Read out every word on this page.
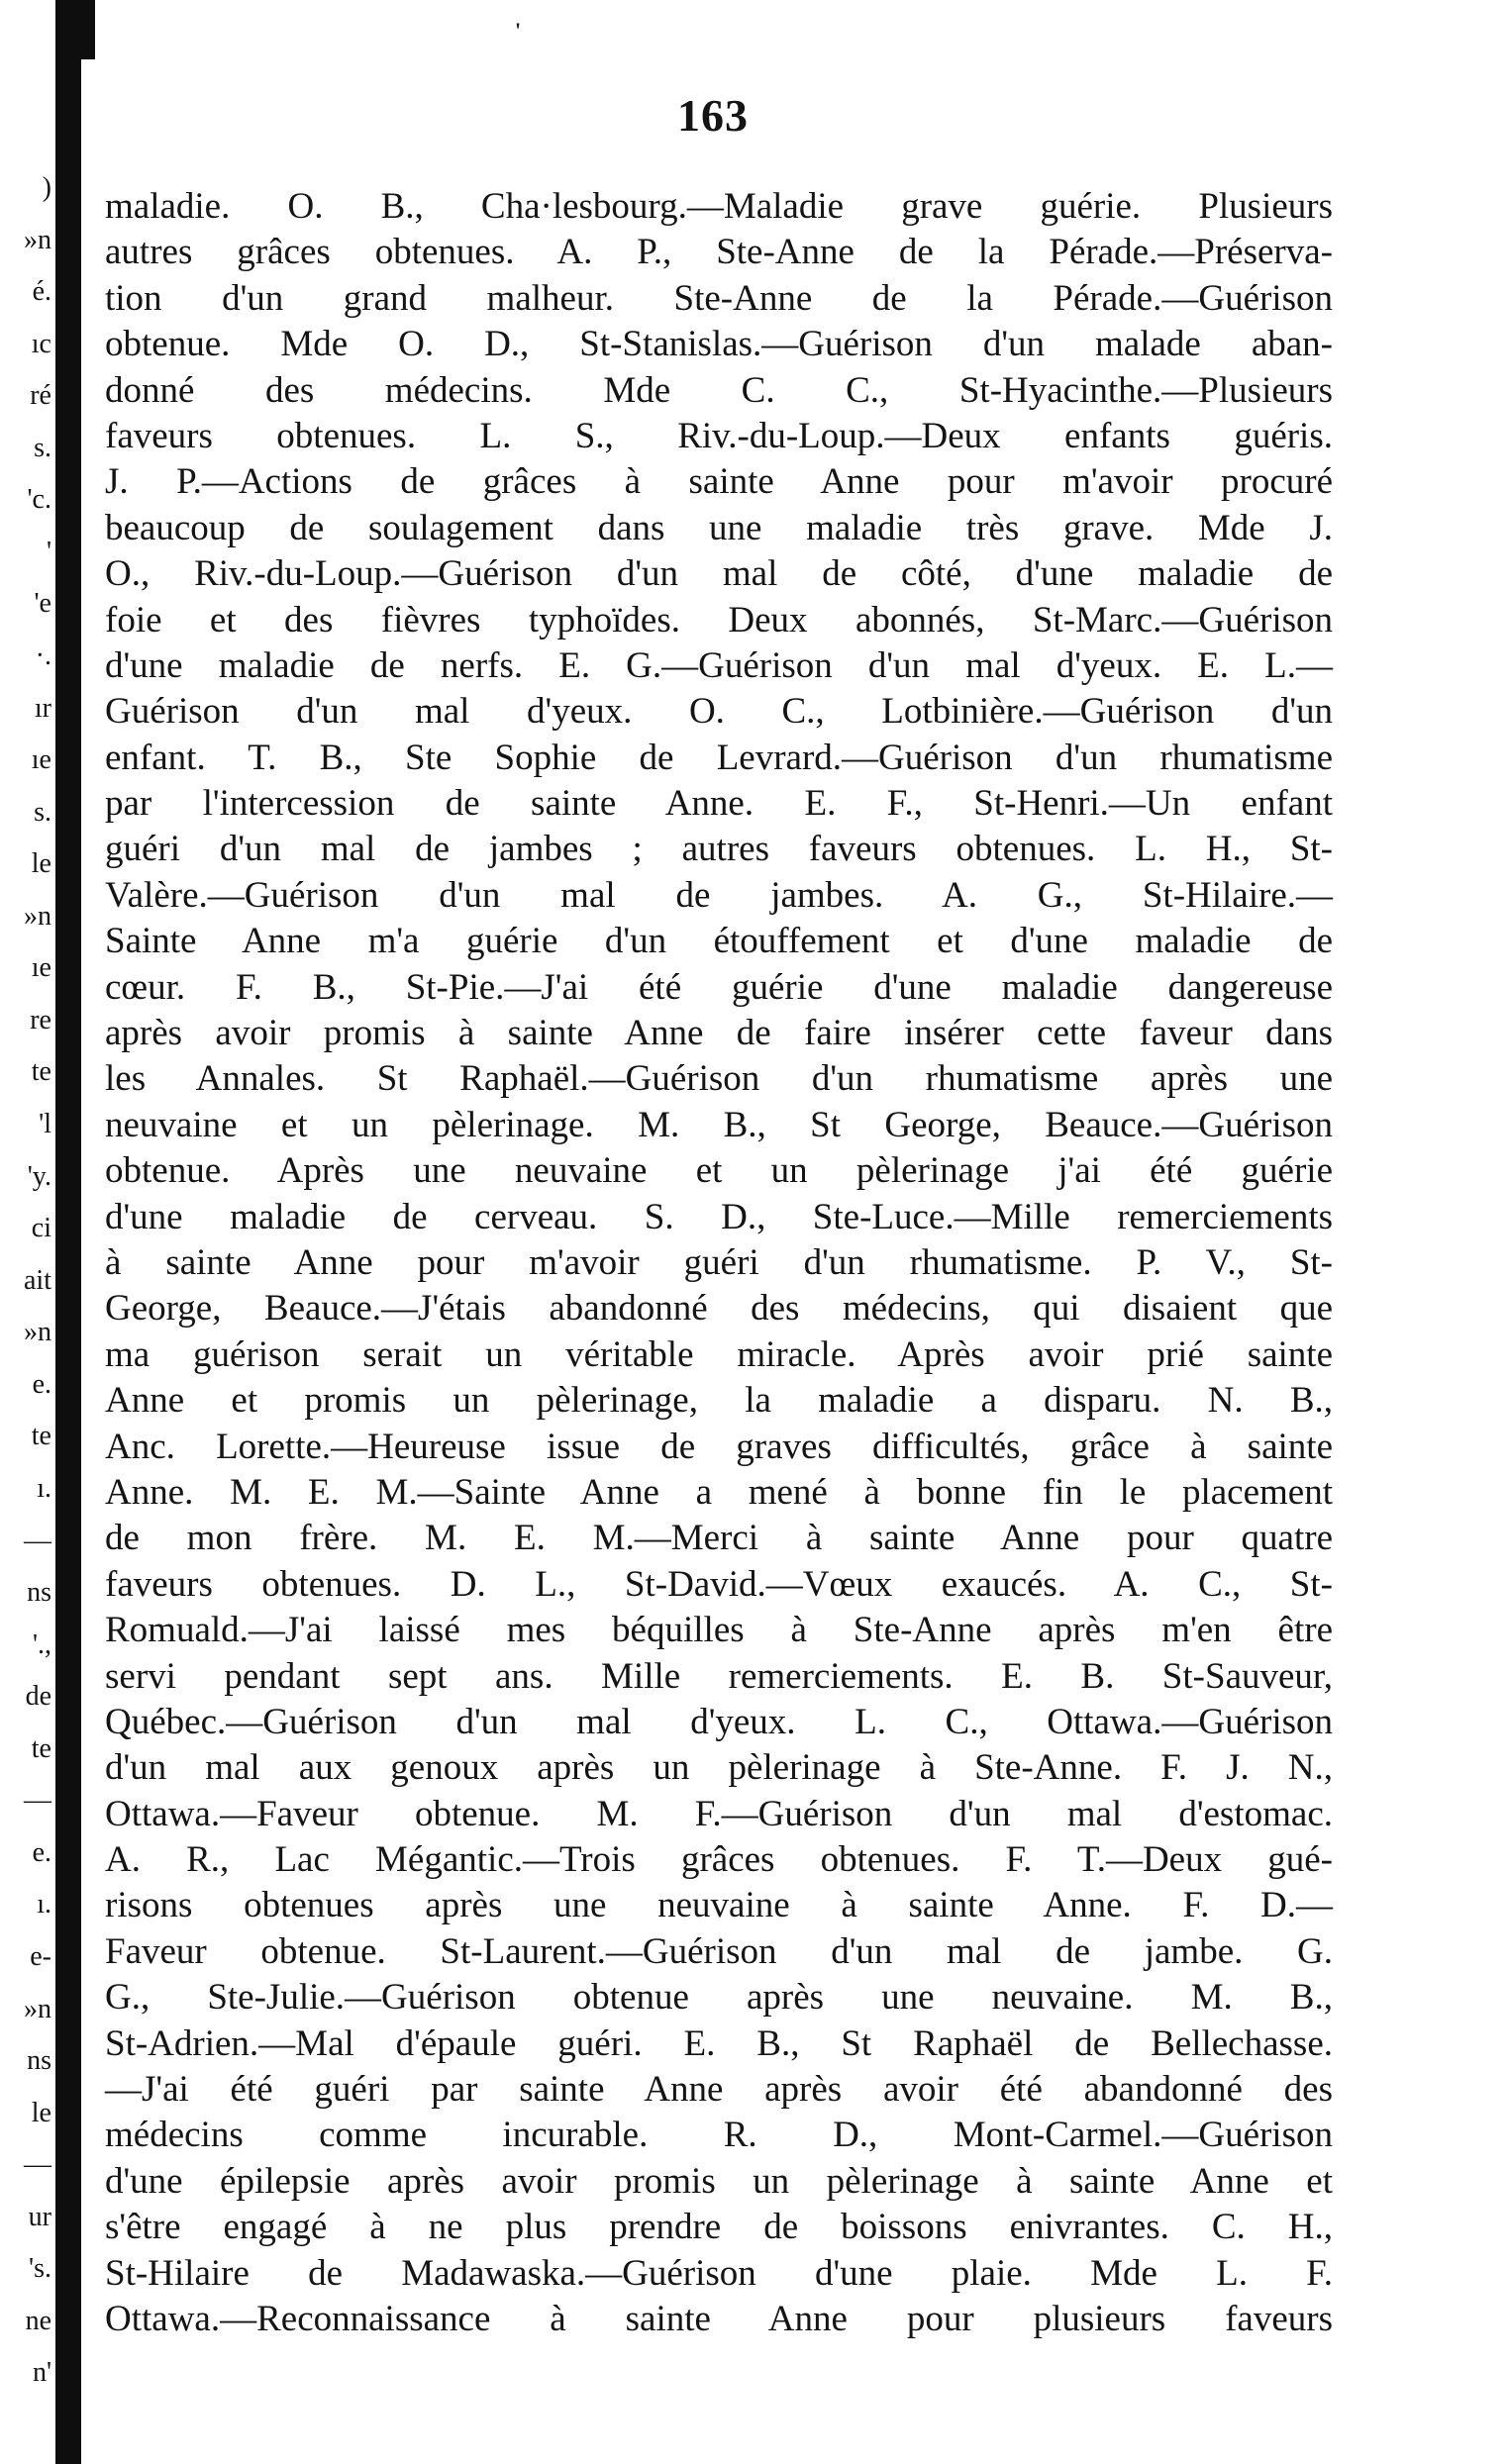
'
163
)
»n
é.
ıc
ré
s.
'c.
'
'e
·.
ır
ıe
s.
le
»n
ıe
re
te
'l
'y.
ci
ait
»n
e.
te
ı.
—
ns
'.,
de
te
—
e.
ı.
e-
»n
ns
le
—
ur
's.
ne
n'
maladie. O. B., Cha·lesbourg.—Maladie grave guérie. Plusieurs
autres grâces obtenues. A. P., Ste-Anne de la Pérade.—Préserva-
tion d'un grand malheur. Ste-Anne de la Pérade.—Guérison
obtenue. Mde O. D., St-Stanislas.—Guérison d'un malade aban-
donné des médecins. Mde C. C., St-Hyacinthe.—Plusieurs
faveurs obtenues. L. S., Riv.-du-Loup.—Deux enfants guéris.
J. P.—Actions de grâces à sainte Anne pour m'avoir procuré
beaucoup de soulagement dans une maladie très grave. Mde J.
O., Riv.-du-Loup.—Guérison d'un mal de côté, d'une maladie de
foie et des fièvres typhoïdes. Deux abonnés, St-Marc.—Guérison
d'une maladie de nerfs. E. G.—Guérison d'un mal d'yeux. E. L.—
Guérison d'un mal d'yeux. O. C., Lotbinière.—Guérison d'un
enfant. T. B., Ste Sophie de Levrard.—Guérison d'un rhumatisme
par l'intercession de sainte Anne. E. F., St-Henri.—Un enfant
guéri d'un mal de jambes ; autres faveurs obtenues. L. H., St-
Valère.—Guérison d'un mal de jambes. A. G., St-Hilaire.—
Sainte Anne m'a guérie d'un étouffement et d'une maladie de
cœur. F. B., St-Pie.—J'ai été guérie d'une maladie dangereuse
après avoir promis à sainte Anne de faire insérer cette faveur dans
les Annales. St Raphaël.—Guérison d'un rhumatisme après une
neuvaine et un pèlerinage. M. B., St George, Beauce.—Guérison
obtenue. Après une neuvaine et un pèlerinage j'ai été guérie
d'une maladie de cerveau. S. D., Ste-Luce.—Mille remerciements
à sainte Anne pour m'avoir guéri d'un rhumatisme. P. V., St-
George, Beauce.—J'étais abandonné des médecins, qui disaient que
ma guérison serait un véritable miracle. Après avoir prié sainte
Anne et promis un pèlerinage, la maladie a disparu. N. B.,
Anc. Lorette.—Heureuse issue de graves difficultés, grâce à sainte
Anne. M. E. M.—Sainte Anne a mené à bonne fin le placement
de mon frère. M. E. M.—Merci à sainte Anne pour quatre
faveurs obtenues. D. L., St-David.—Vœux exaucés. A. C., St-
Romuald.—J'ai laissé mes béquilles à Ste-Anne après m'en être
servi pendant sept ans. Mille remerciements. E. B. St-Sauveur,
Québec.—Guérison d'un mal d'yeux. L. C., Ottawa.—Guérison
d'un mal aux genoux après un pèlerinage à Ste-Anne. F. J. N.,
Ottawa.—Faveur obtenue. M. F.—Guérison d'un mal d'estomac.
A. R., Lac Mégantic.—Trois grâces obtenues. F. T.—Deux gué-
risons obtenues après une neuvaine à sainte Anne. F. D.—
Faveur obtenue. St-Laurent.—Guérison d'un mal de jambe. G.
G., Ste-Julie.—Guérison obtenue après une neuvaine. M. B.,
St-Adrien.—Mal d'épaule guéri. E. B., St Raphaël de Bellechasse.
—J'ai été guéri par sainte Anne après avoir été abandonné des
médecins comme incurable. R. D., Mont-Carmel.—Guérison
d'une épilepsie après avoir promis un pèlerinage à sainte Anne et
s'être engagé à ne plus prendre de boissons enivrantes. C. H.,
St-Hilaire de Madawaska.—Guérison d'une plaie. Mde L. F.
Ottawa.—Reconnaissance à sainte Anne pour plusieurs faveurs
